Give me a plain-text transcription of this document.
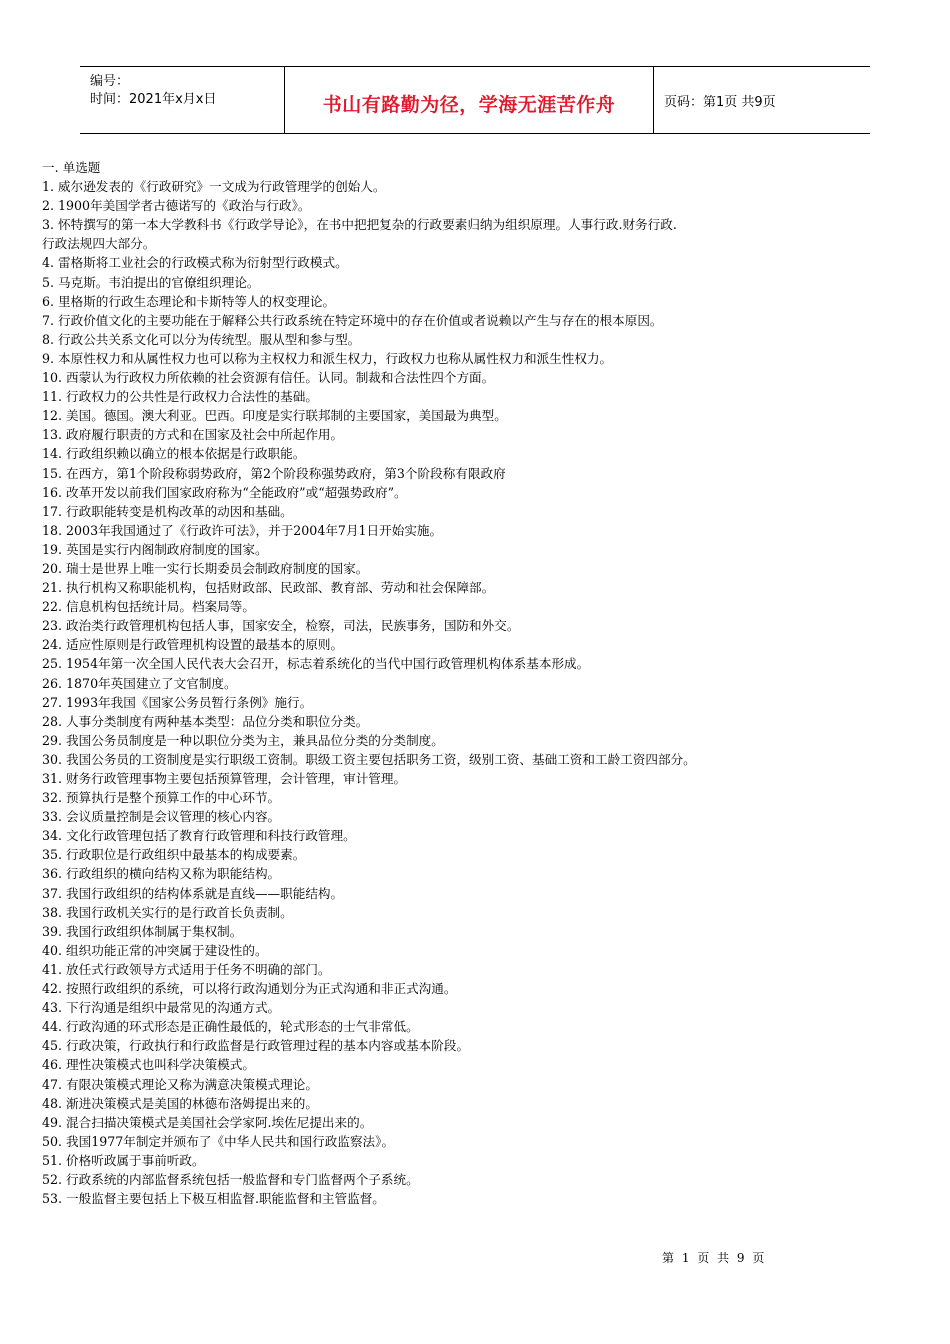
编号：
时间：2021年x月x日	书山有路勤为径，学海无涯苦作舟	页码：第1页 共9页
一. 单选题
1. 威尔逊发表的《行政研究》一文成为行政管理学的创始人。
2. 1900年美国学者古德诺写的《政治与行政》。
3. 怀特撰写的第一本大学教科书《行政学导论》，在书中把把复杂的行政要素归纳为组织原理。人事行政.财务行政.
行政法规四大部分。
4. 雷格斯将工业社会的行政模式称为衍射型行政模式。
5. 马克斯。韦泊提出的官僚组织理论。
6. 里格斯的行政生态理论和卡斯特等人的权变理论。
7. 行政价值文化的主要功能在于解释公共行政系统在特定环境中的存在价值或者说赖以产生与存在的根本原因。
8. 行政公共关系文化可以分为传统型。服从型和参与型。
9. 本原性权力和从属性权力也可以称为主权权力和派生权力，行政权力也称从属性权力和派生性权力。
10. 西蒙认为行政权力所依赖的社会资源有信任。认同。制裁和合法性四个方面。
11. 行政权力的公共性是行政权力合法性的基础。
12. 美国。德国。澳大利亚。巴西。印度是实行联邦制的主要国家，美国最为典型。
13. 政府履行职责的方式和在国家及社会中所起作用。
14. 行政组织赖以确立的根本依据是行政职能。
15. 在西方，第1个阶段称弱势政府，第2个阶段称强势政府，第3个阶段称有限政府
16. 改革开发以前我们国家政府称为“全能政府”或“超强势政府”。
17. 行政职能转变是机构改革的动因和基础。
18. 2003年我国通过了《行政许可法》，并于2004年7月1日开始实施。
19. 英国是实行内阁制政府制度的国家。
20. 瑞士是世界上唯一实行长期委员会制政府制度的国家。
21. 执行机构又称职能机构，包括财政部、民政部、教育部、劳动和社会保障部。
22. 信息机构包括统计局。档案局等。
23. 政治类行政管理机构包括人事，国家安全，检察，司法，民族事务，国防和外交。
24. 适应性原则是行政管理机构设置的最基本的原则。
25. 1954年第一次全国人民代表大会召开，标志着系统化的当代中国行政管理机构体系基本形成。
26. 1870年英国建立了文官制度。
27. 1993年我国《国家公务员暂行条例》施行。
28. 人事分类制度有两种基本类型：品位分类和职位分类。
29. 我国公务员制度是一种以职位分类为主，兼具品位分类的分类制度。
30. 我国公务员的工资制度是实行职级工资制。职级工资主要包括职务工资，级别工资、基础工资和工龄工资四部分。
31. 财务行政管理事物主要包括预算管理，会计管理，审计管理。
32. 预算执行是整个预算工作的中心环节。
33. 会议质量控制是会议管理的核心内容。
34. 文化行政管理包括了教育行政管理和科技行政管理。
35. 行政职位是行政组织中最基本的构成要素。
36. 行政组织的横向结构又称为职能结构。
37. 我国行政组织的结构体系就是直线——职能结构。
38. 我国行政机关实行的是行政首长负责制。
39. 我国行政组织体制属于集权制。
40. 组织功能正常的冲突属于建设性的。
41. 放任式行政领导方式适用于任务不明确的部门。
42. 按照行政组织的系统，可以将行政沟通划分为正式沟通和非正式沟通。
43. 下行沟通是组织中最常见的沟通方式。
44. 行政沟通的环式形态是正确性最低的，轮式形态的士气非常低。
45. 行政决策，行政执行和行政监督是行政管理过程的基本内容或基本阶段。
46. 理性决策模式也叫科学决策模式。
47. 有限决策模式理论又称为满意决策模式理论。
48. 渐进决策模式是美国的林德布洛姆提出来的。
49. 混合扫描决策模式是美国社会学家阿.埃佐尼提出来的。
50. 我国1977年制定并颁布了《中华人民共和国行政监察法》。
51. 价格听政属于事前听政。
52. 行政系统的内部监督系统包括一般监督和专门监督两个子系统。
53. 一般监督主要包括上下极互相监督.职能监督和主管监督。
第 1 页 共 9 页
